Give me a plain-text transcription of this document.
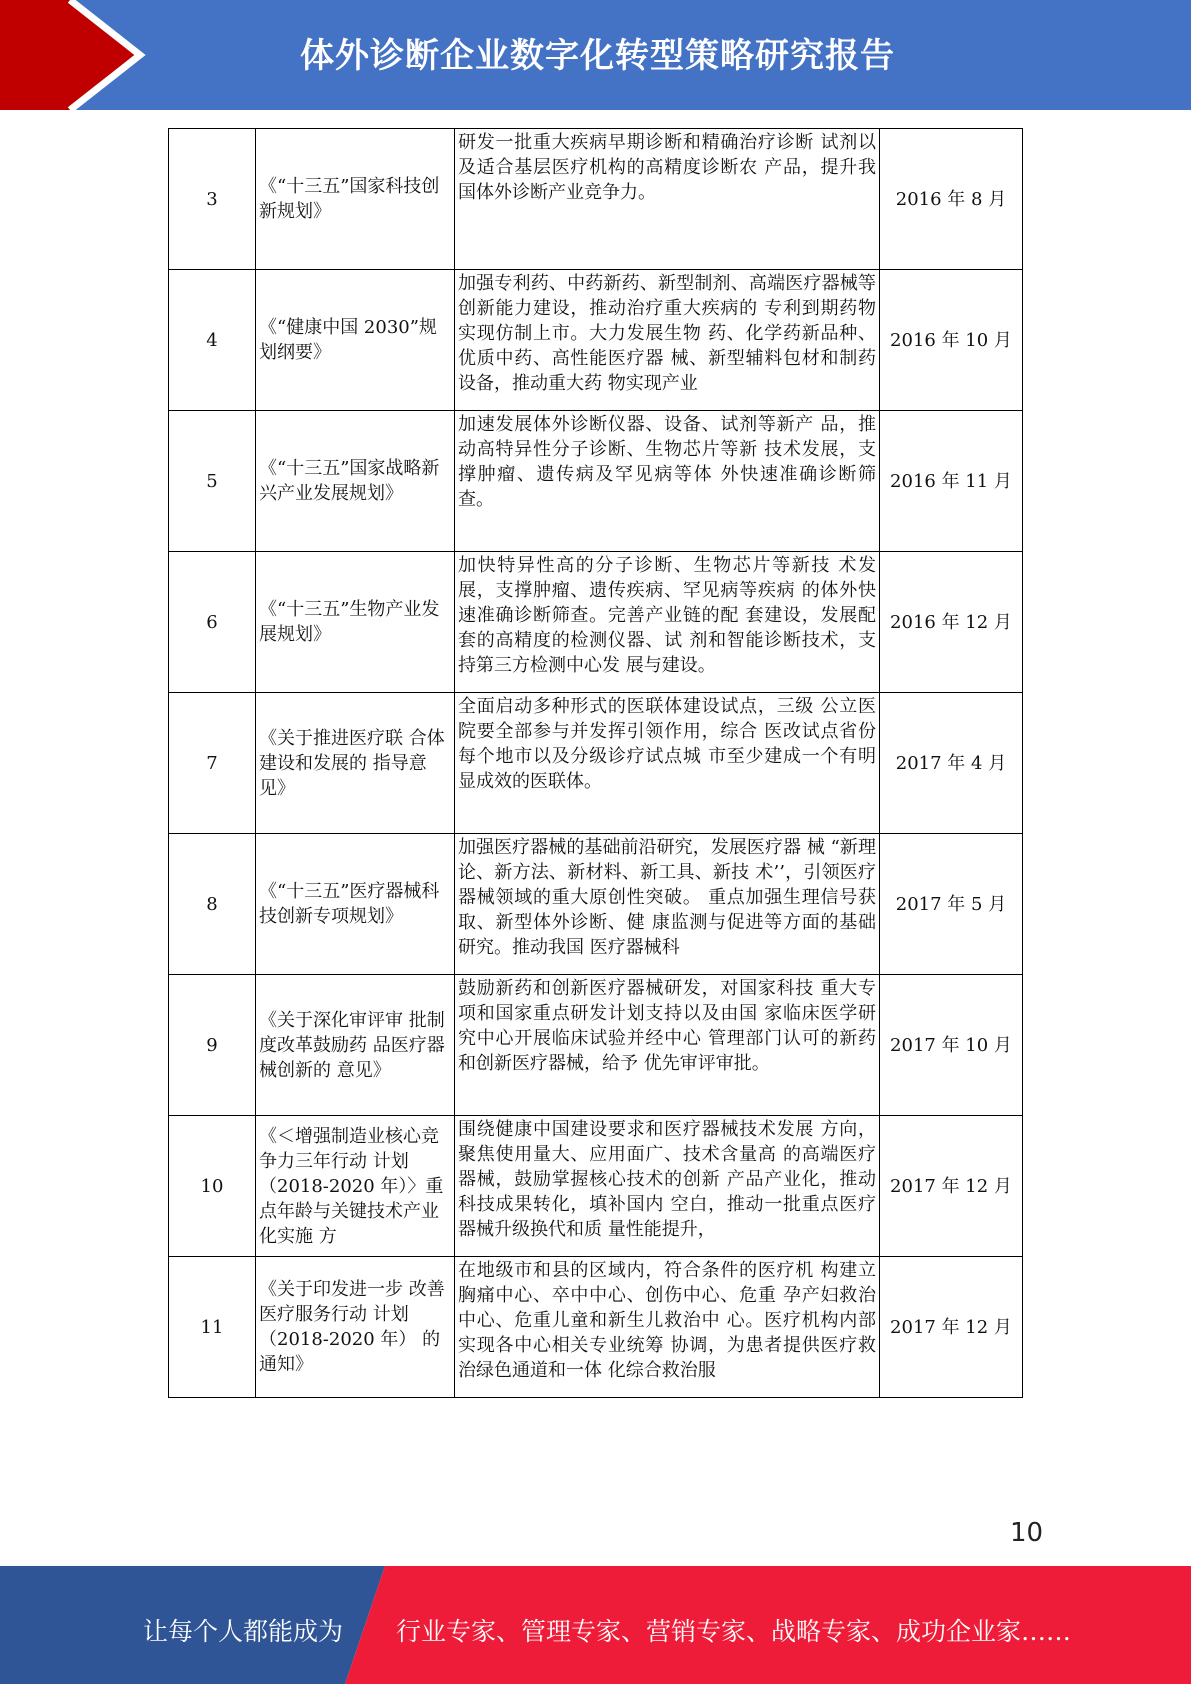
体外诊断企业数字化转型策略研究报告
3	《“十三五”国家科技创新规划》	研发一批重大疾病早期诊断和精确治疗诊断 试剂以及适合基层医疗机构的高精度诊断农 产品，提升我国体外诊断产业竞争力。	2016 年 8 月

4	《“健康中国 2030”规划纲要》	加强专利药、中药新药、新型制剂、高端医疗器械等创新能力建设，推动治疗重大疾病的 专利到期药物实现仿制上市。大力发展生物 药、化学药新品种、优质中药、高性能医疗器 械、新型辅料包材和制药设备，推动重大药 物实现产业	2016 年 10 月

5	《“十三五”国家战略新兴产业发展规划》	加速发展体外诊断仪器、设备、试剂等新产 品，推动高特异性分子诊断、生物芯片等新 技术发展，支撑肿瘤、遗传病及罕见病等体 外快速准确诊断筛查。	2016 年 11 月

6	《“十三五”生物产业发展规划》	加快特异性高的分子诊断、生物芯片等新技 术发展，支撑肿瘤、遗传疾病、罕见病等疾病 的体外快速准确诊断筛查。完善产业链的配 套建设，发展配套的高精度的检测仪器、试 剂和智能诊断技术，支持第三方检测中心发 展与建设。	2016 年 12 月

7	《关于推进医疗联 合体建设和发展的 指导意见》	全面启动多种形式的医联体建设试点，三级 公立医院要全部参与并发挥引领作用，综合 医改试点省份每个地市以及分级诊疗试点城 市至少建成一个有明显成效的医联体。	2017 年 4 月

8	《“十三五”医疗器械科技创新专项规划》	加强医疗器械的基础前沿研究，发展医疗器 械 “新理论、新方法、新材料、新工具、新技 术’’，引领医疗器械领域的重大原创性突破。 重点加强生理信号获取、新型体外诊断、健 康监测与促进等方面的基础研究。推动我国 医疗器械科	2017 年 5 月

9	《关于深化审评审 批制度改革鼓励药 品医疗器械创新的 意见》	鼓励新药和创新医疗器械研发，对国家科技 重大专项和国家重点研发计划支持以及由国 家临床医学研究中心开展临床试验并经中心 管理部门认可的新药和创新医疗器械，给予 优先审评审批。	2017 年 10 月

10	《＜增强制造业核心竞争力三年行动 计划 （2018-2020 年）〉重点年龄与关键技术产业化实施 方	围绕健康中国建设要求和医疗器械技术发展 方向，聚焦使用量大、应用面广、技术含量高 的高端医疗器械，鼓励掌握核心技术的创新 产品产业化，推动科技成果转化，填补国内 空白，推动一批重点医疗器械升级换代和质 量性能提升，	2017 年 12 月

11	《关于印发进一步 改善医疗服务行动 计划（2018-2020 年） 的通知》	在地级市和县的区域内，符合条件的医疗机 构建立胸痛中心、卒中中心、创伤中心、危重 孕产妇救治中心、危重儿童和新生儿救治中 心。医疗机构内部实现各中心相关专业统筹 协调，为患者提供医疗救治绿色通道和一体 化综合救治服	2017 年 12 月
10
让每个人都能成为 行业专家、管理专家、营销专家、战略专家、成功企业家……
